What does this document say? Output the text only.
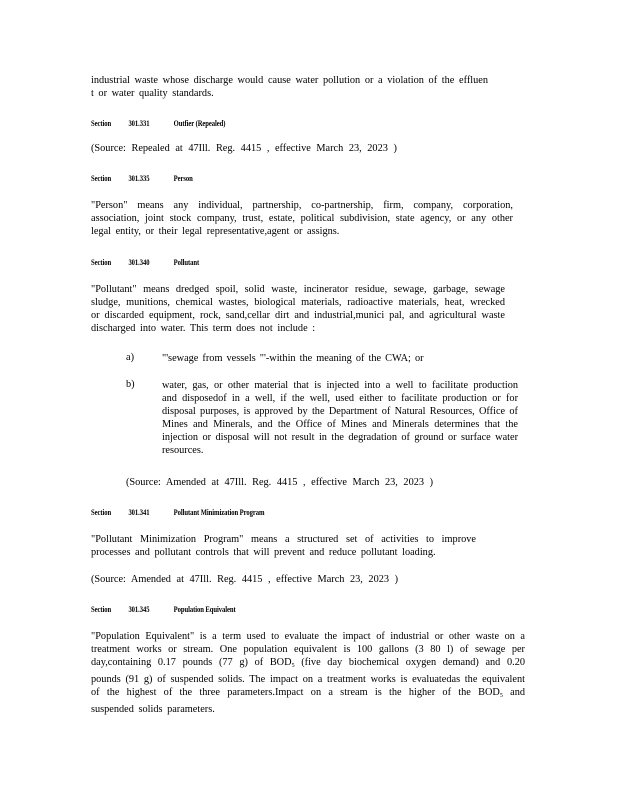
industrial waste whose discharge would cause water pollution or a violation of the effluen t or water quality standards.

Section 301.331	Outfier (Repealed)
(Source: Repealed at 47Ill. Reg. 4415 , effective March 23, 2023 )
Section 301.335	Person

"Person" means any individual, partnership, co-partnership, firm, company, corporation, association, joint stock company, trust, estate, political subdivision, state agency, or any other legal entity, or their legal representative,agent or assigns.

Section 301.340	Pollutant

"Pollutant" means dredged spoil, solid waste, incinerator residue, sewage, garbage, sewage sludge, munitions, chemical wastes, biological materials, radioactive materials, heat, wrecked or discarded equipment, rock, sand,cellar dirt and industrial,munici pal, and agricultural waste discharged into water. This term does not include :

a)	"'sewage from vessels "'-within the meaning of the CWA; or
b)	water, gas, or other material that is injected into a well to facilitate production and disposedof in a well, if the well, used either to facilitate production or for disposal purposes, is approved by the Department of Natural Resources, Office of Mines and Minerals, and the Office of Mines and Minerals determines that the injection or disposal will not result in the degradation of ground or surface water resources.
(Source: Amended at 47Ill. Reg. 4415 , effective March 23, 2023 )
Section 301.341	Pollutant Minimization Program

"Pollutant Minimization Program" means a structured set of activities to improve processes and pollutant controls that will prevent and reduce pollutant loading.

(Source: Amended at 47Ill. Reg. 4415 , effective March 23, 2023 )
Section 301.345	Population Equivalent

"Population Equivalent" is a term used to evaluate the impact of industrial or other waste on a treatment works or stream. One population equivalent is 100 gallons (3 80 l) of sewage per day,containing 0.17 pounds (77 g) of $BOD_5$ (five day biochemical oxygen demand) and 0.20 pounds (91 g) of suspended solids. The impact on a treatment works is evaluatedas the equivalent of the highest of the three parameters.Impact on a stream is the higher of the $BOD_5$ and suspended solids parameters.
